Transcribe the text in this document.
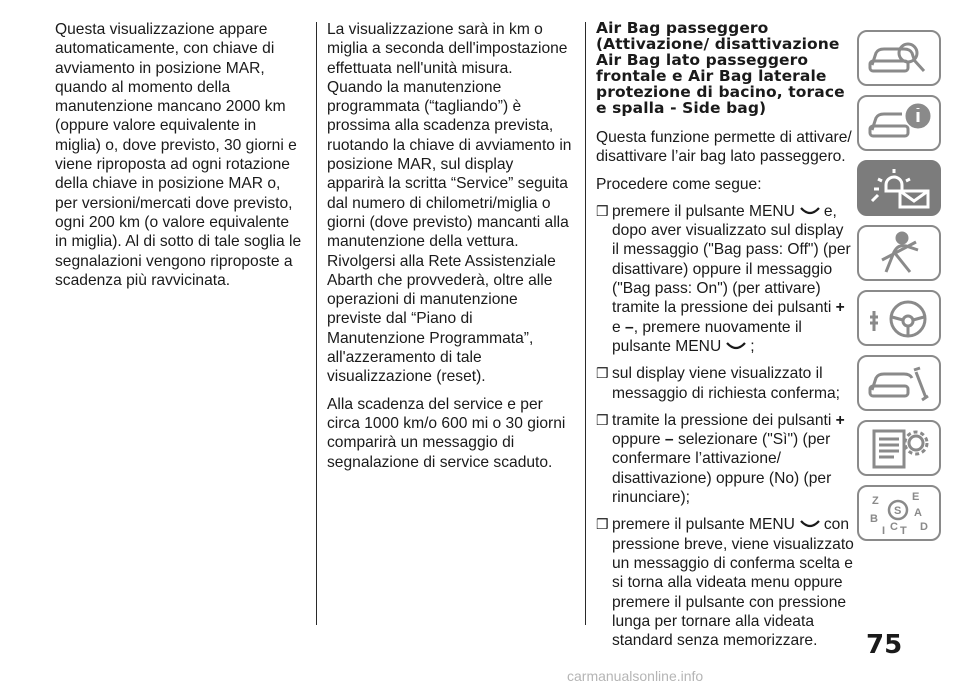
Questa visualizzazione appare automaticamente, con chiave di avviamento in posizione MAR, quando al momento della manutenzione mancano 2000 km (oppure valore equivalente in miglia) o, dove previsto, 30 giorni e viene riproposta ad ogni rotazione della chiave in posizione MAR o, per versioni/mercati dove previsto, ogni 200 km (o valore equivalente in miglia). Al di sotto di tale soglia le segnalazioni vengono riproposte a scadenza più ravvicinata.

La visualizzazione sarà in km o miglia a seconda dell'impostazione effettuata nell'unità misura. Quando la manutenzione programmata (“tagliando”) è prossima alla scadenza prevista, ruotando la chiave di avviamento in posizione MAR, sul display apparirà la scritta “Service” seguita dal numero di chilometri/miglia o giorni (dove previsto) mancanti alla manutenzione della vettura. Rivolgersi alla Rete Assistenziale Abarth che provvederà, oltre alle operazioni di manutenzione previste dal “Piano di Manutenzione Programmata”, all'azzeramento di tale visualizzazione (reset).

Alla scadenza del service e per circa 1000 km/o 600 mi o 30 giorni comparirà un messaggio di segnalazione di service scaduto.

Air Bag passeggero (Attivazione/ disattivazione Air Bag lato passeggero frontale e Air Bag laterale protezione di bacino, torace e spalla - Side bag)

Questa funzione permette di attivare/ disattivare l’air bag lato passeggero.

Procedere come segue:

❒ premere il pulsante MENU e, dopo aver visualizzato sul display il messaggio ("Bag pass: Off") (per disattivare) oppure il messaggio ("Bag pass: On") (per attivare) tramite la pressione dei pulsanti + e –, premere nuovamente il pulsante MENU ;
❒ sul display viene visualizzato il messaggio di richiesta conferma;
❒ tramite la pressione dei pulsanti + oppure – selezionare ("Sì") (per confermare l’attivazione/ disattivazione) oppure (No) (per rinunciare);
❒ premere il pulsante MENU con pressione breve, viene visualizzato un messaggio di conferma scelta e si torna alla videata menu oppure premere il pulsante con pressione lunga per tornare alla videata standard senza memorizzare.
Z	E
A
B
C T D
I
S
75
carmanualsonline.info
